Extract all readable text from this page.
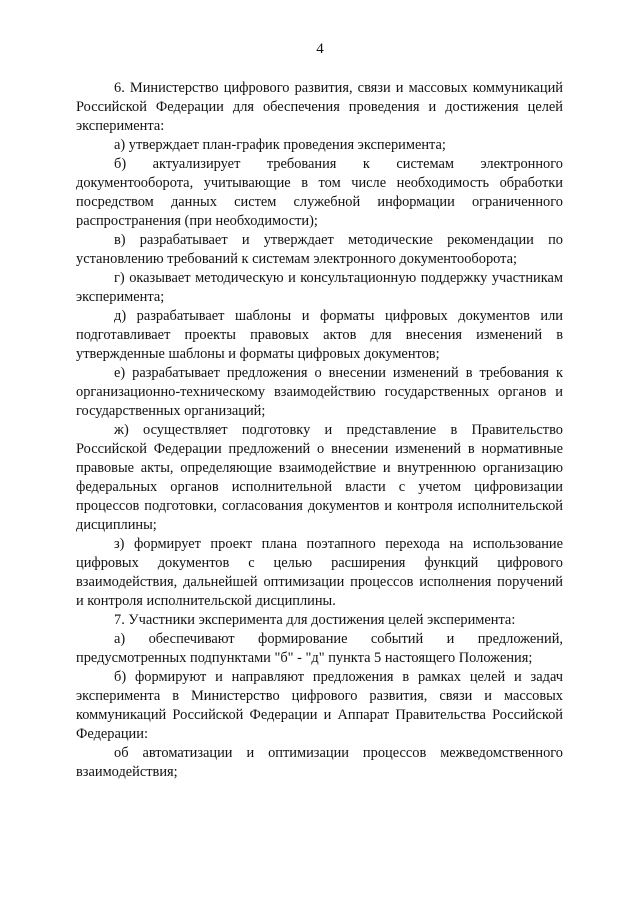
4

6. Министерство цифрового развития, связи и массовых коммуникаций Российской Федерации для обеспечения проведения и достижения целей эксперимента:

а) утверждает план-график проведения эксперимента;

б) актуализирует требования к системам электронного документооборота, учитывающие в том числе необходимость обработки посредством данных систем служебной информации ограниченного распространения (при необходимости);

в) разрабатывает и утверждает методические рекомендации по установлению требований к системам электронного документооборота;

г) оказывает методическую и консультационную поддержку участникам эксперимента;

д) разрабатывает шаблоны и форматы цифровых документов или подготавливает проекты правовых актов для внесения изменений в утвержденные шаблоны и форматы цифровых документов;

е) разрабатывает предложения о внесении изменений в требования к организационно-техническому взаимодействию государственных органов и государственных организаций;

ж) осуществляет подготовку и представление в Правительство Российской Федерации предложений о внесении изменений в нормативные правовые акты, определяющие взаимодействие и внутреннюю организацию федеральных органов исполнительной власти с учетом цифровизации процессов подготовки, согласования документов и контроля исполнительской дисциплины;

з) формирует проект плана поэтапного перехода на использование цифровых документов с целью расширения функций цифрового взаимодействия, дальнейшей оптимизации процессов исполнения поручений и контроля исполнительской дисциплины.

7. Участники эксперимента для достижения целей эксперимента:

а) обеспечивают формирование событий и предложений, предусмотренных подпунктами "б" - "д" пункта 5 настоящего Положения;

б) формируют и направляют предложения в рамках целей и задач эксперимента в Министерство цифрового развития, связи и массовых коммуникаций Российской Федерации и Аппарат Правительства Российской Федерации:

об автоматизации и оптимизации процессов межведомственного взаимодействия;
